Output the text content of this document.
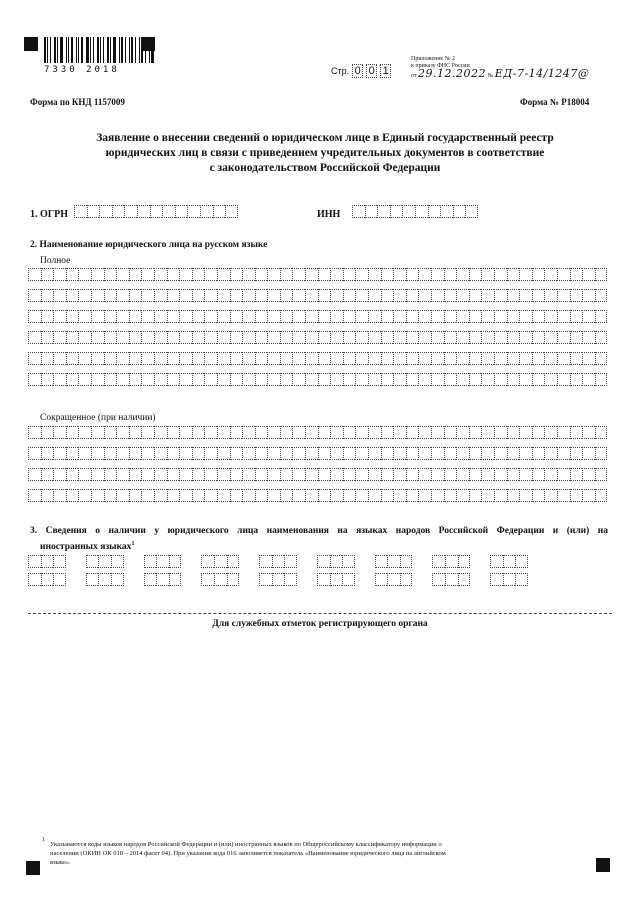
7330 2018	Стр. 0 0 1
Приложение № 2
к приказу ФНС России
от 29.12.2022 № ЕД-7-14/1247@
Форма по КНД 1157009	Форма № Р18004
Заявление о внесении сведений о юридическом лице в Единый государственный реестр
юридических лиц в связи с приведением учредительных документов в соответствие
с законодательством Российской Федерации
1. ОГРН	ИНН
2. Наименование юридического лица на русском языке
Полное
Сокращенное (при наличии)
3. Сведения о наличии у юридического лица наименования на языках народов Российской Федерации и (или) на
иностранных языках$^1$
Для служебных отметок регистрирующего органа
1
Указываются коды языков народов Российской Федерации и (или) иностранных языков по Общероссийскому классификатору информации о
населении (ОКИН ОК 018 – 2014 фасет 04). При указании кода 016 заполняется показатель «Наименование юридического лица на английском
языке».
